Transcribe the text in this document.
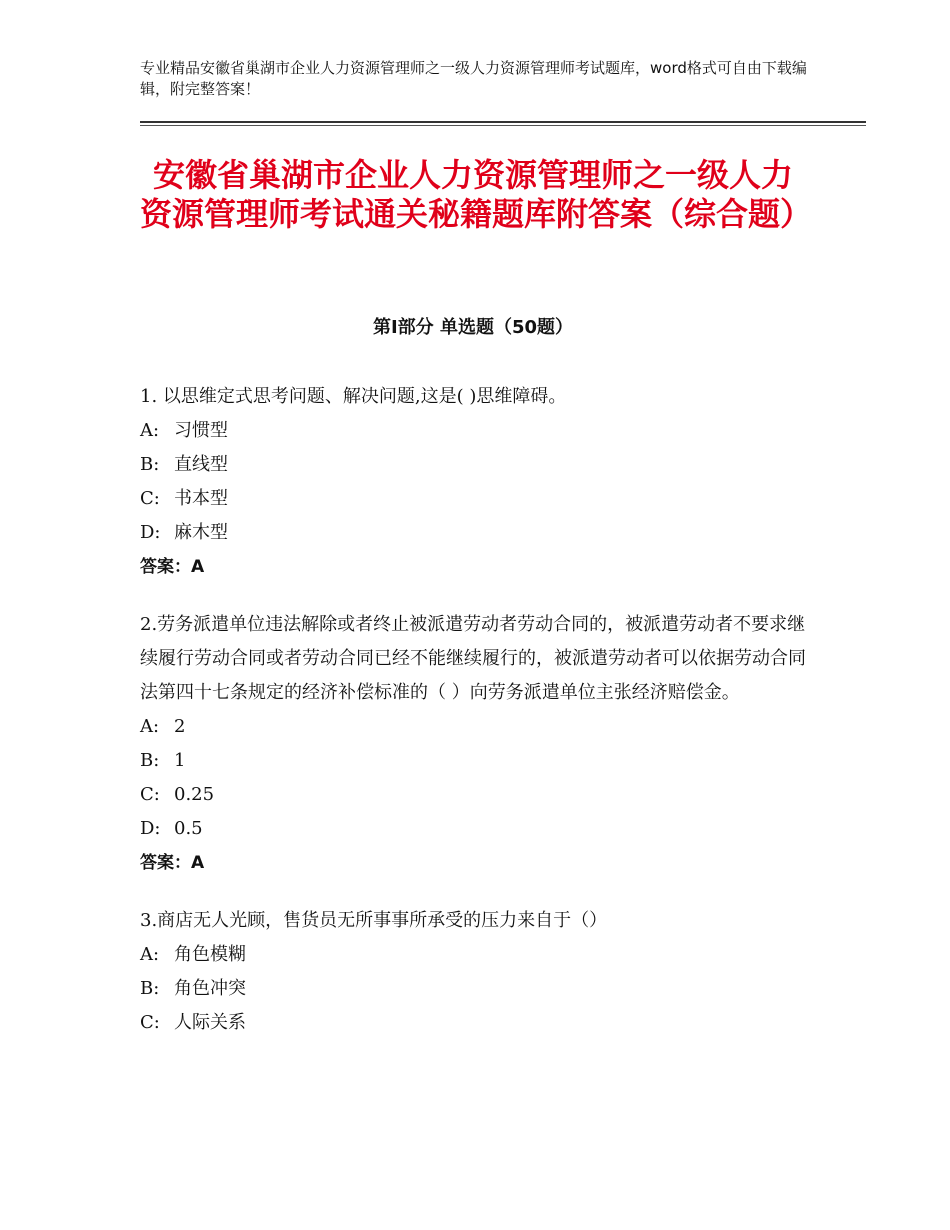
专业精品安徽省巢湖市企业人力资源管理师之一级人力资源管理师考试题库，word格式可自由下载编辑，附完整答案！
安徽省巢湖市企业人力资源管理师之一级人力资源管理师考试通关秘籍题库附答案（综合题）
第Ⅰ部分 单选题（50题）

1. 以思维定式思考问题、解决问题,这是( )思维障碍。

A: 习惯型
B: 直线型
C: 书本型
D: 麻木型

答案：A

2.劳务派遣单位违法解除或者终止被派遣劳动者劳动合同的，被派遣劳动者不要求继续履行劳动合同或者劳动合同已经不能继续履行的，被派遣劳动者可以依据劳动合同法第四十七条规定的经济补偿标准的（ ）向劳务派遣单位主张经济赔偿金。

A: 2
B: 1
C: 0.25
D: 0.5

答案：A

3.商店无人光顾，售货员无所事事所承受的压力来自于（）

A: 角色模糊
B: 角色冲突
C: 人际关系
